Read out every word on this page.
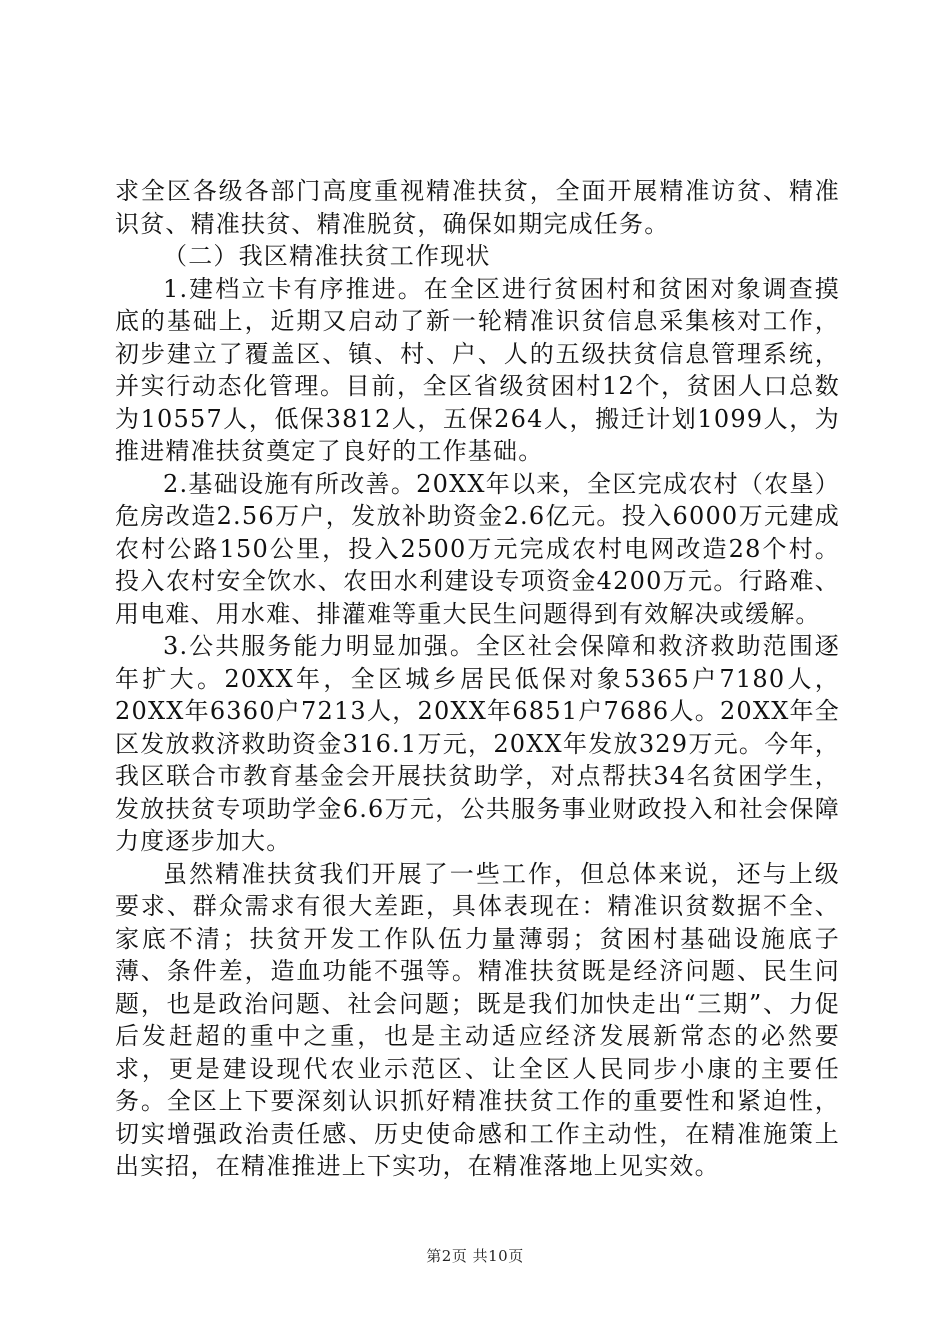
求全区各级各部门高度重视精准扶贫，全面开展精准访贫、精准识贫、精准扶贫、精准脱贫，确保如期完成任务。

（二）我区精准扶贫工作现状

1.建档立卡有序推进。在全区进行贫困村和贫困对象调查摸底的基础上，近期又启动了新一轮精准识贫信息采集核对工作，初步建立了覆盖区、镇、村、户、人的五级扶贫信息管理系统，并实行动态化管理。目前，全区省级贫困村12个，贫困人口总数为10557人，低保3812人，五保264人，搬迁计划1099人，为推进精准扶贫奠定了良好的工作基础。

2.基础设施有所改善。20XX年以来，全区完成农村（农垦）危房改造2.56万户，发放补助资金2.6亿元。投入6000万元建成农村公路150公里，投入2500万元完成农村电网改造28个村。投入农村安全饮水、农田水利建设专项资金4200万元。行路难、用电难、用水难、排灌难等重大民生问题得到有效解决或缓解。

3.公共服务能力明显加强。全区社会保障和救济救助范围逐年扩大。20XX年，全区城乡居民低保对象5365户7180人，20XX年6360户7213人，20XX年6851户7686人。20XX年全区发放救济救助资金316.1万元，20XX年发放329万元。今年，我区联合市教育基金会开展扶贫助学，对点帮扶34名贫困学生，发放扶贫专项助学金6.6万元，公共服务事业财政投入和社会保障力度逐步加大。

虽然精准扶贫我们开展了一些工作，但总体来说，还与上级要求、群众需求有很大差距，具体表现在：精准识贫数据不全、家底不清；扶贫开发工作队伍力量薄弱；贫困村基础设施底子薄、条件差，造血功能不强等。精准扶贫既是经济问题、民生问题，也是政治问题、社会问题；既是我们加快走出“三期”、力促后发赶超的重中之重，也是主动适应经济发展新常态的必然要求，更是建设现代农业示范区、让全区人民同步小康的主要任务。全区上下要深刻认识抓好精准扶贫工作的重要性和紧迫性，切实增强政治责任感、历史使命感和工作主动性，在精准施策上出实招，在精准推进上下实功，在精准落地上见实效。

第2页 共10页
